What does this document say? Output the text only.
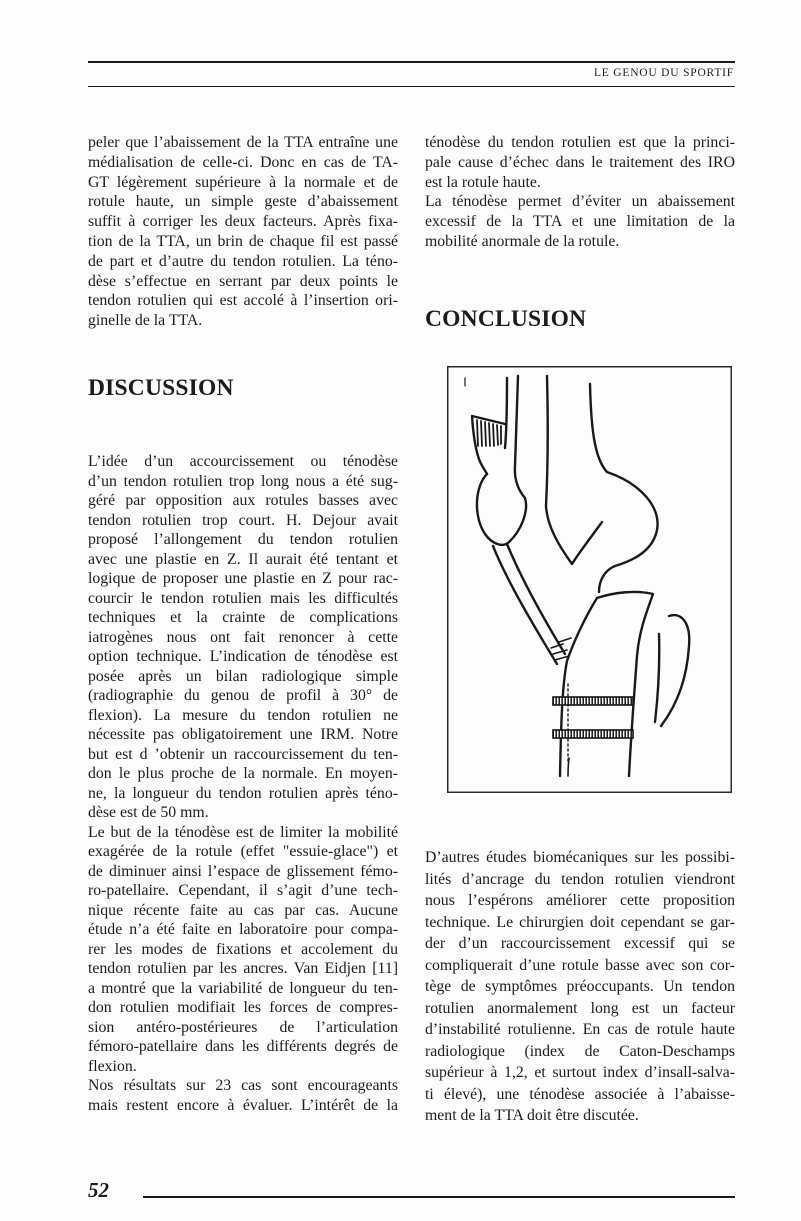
LE GENOU DU SPORTIF
peler que l’abaissement de la TTA entraîne une
médialisation de celle-ci. Donc en cas de TA-
GT légèrement supérieure à la normale et de
rotule haute, un simple geste d’abaissement
suffit à corriger les deux facteurs. Après fixa-
tion de la TTA, un brin de chaque fil est passé
de part et d’autre du tendon rotulien. La téno-
dèse s’effectue en serrant par deux points le
tendon rotulien qui est accolé à l’insertion ori-
ginelle de la TTA.
DISCUSSION
L’idée d’un accourcissement ou ténodèse
d’un tendon rotulien trop long nous a été sug-
géré par opposition aux rotules basses avec
tendon rotulien trop court. H. Dejour avait
proposé l’allongement du tendon rotulien
avec une plastie en Z. Il aurait été tentant et
logique de proposer une plastie en Z pour rac-
courcir le tendon rotulien mais les difficultés
techniques et la crainte de complications
iatrogènes nous ont fait renoncer à cette
option technique. L’indication de ténodèse est
posée après un bilan radiologique simple
(radiographie du genou de profil à 30° de
flexion). La mesure du tendon rotulien ne
nécessite pas obligatoirement une IRM. Notre
but est d ’obtenir un raccourcissement du ten-
don le plus proche de la normale. En moyen-
ne, la longueur du tendon rotulien après téno-
dèse est de 50 mm.
Le but de la ténodèse est de limiter la mobilité
exagérée de la rotule (effet "essuie-glace") et
de diminuer ainsi l’espace de glissement fémo-
ro-patellaire. Cependant, il s’agit d’une tech-
nique récente faite au cas par cas. Aucune
étude n’a été faite en laboratoire pour compa-
rer les modes de fixations et accolement du
tendon rotulien par les ancres. Van Eidjen [11]
a montré que la variabilité de longueur du ten-
don rotulien modifiait les forces de compres-
sion antéro-postérieures de l’articulation
fémoro-patellaire dans les différents degrés de
flexion.
Nos résultats sur 23 cas sont encourageants
mais restent encore à évaluer. L’intérêt de la
ténodèse du tendon rotulien est que la princi-
pale cause d’échec dans le traitement des IRO
est la rotule haute.
La ténodèse permet d’éviter un abaissement
excessif de la TTA et une limitation de la
mobilité anormale de la rotule.
CONCLUSION
D’autres études biomécaniques sur les possibi-
lités d’ancrage du tendon rotulien viendront
nous l’espérons améliorer cette proposition
technique. Le chirurgien doit cependant se gar-
der d’un raccourcissement excessif qui se
compliquerait d’une rotule basse avec son cor-
tège de symptômes préoccupants. Un tendon
rotulien anormalement long est un facteur
d’instabilité rotulienne. En cas de rotule haute
radiologique (index de Caton-Deschamps
supérieur à 1,2, et surtout index d’insall-salva-
ti élevé), une ténodèse associée à l’abaisse-
ment de la TTA doit être discutée.
52
